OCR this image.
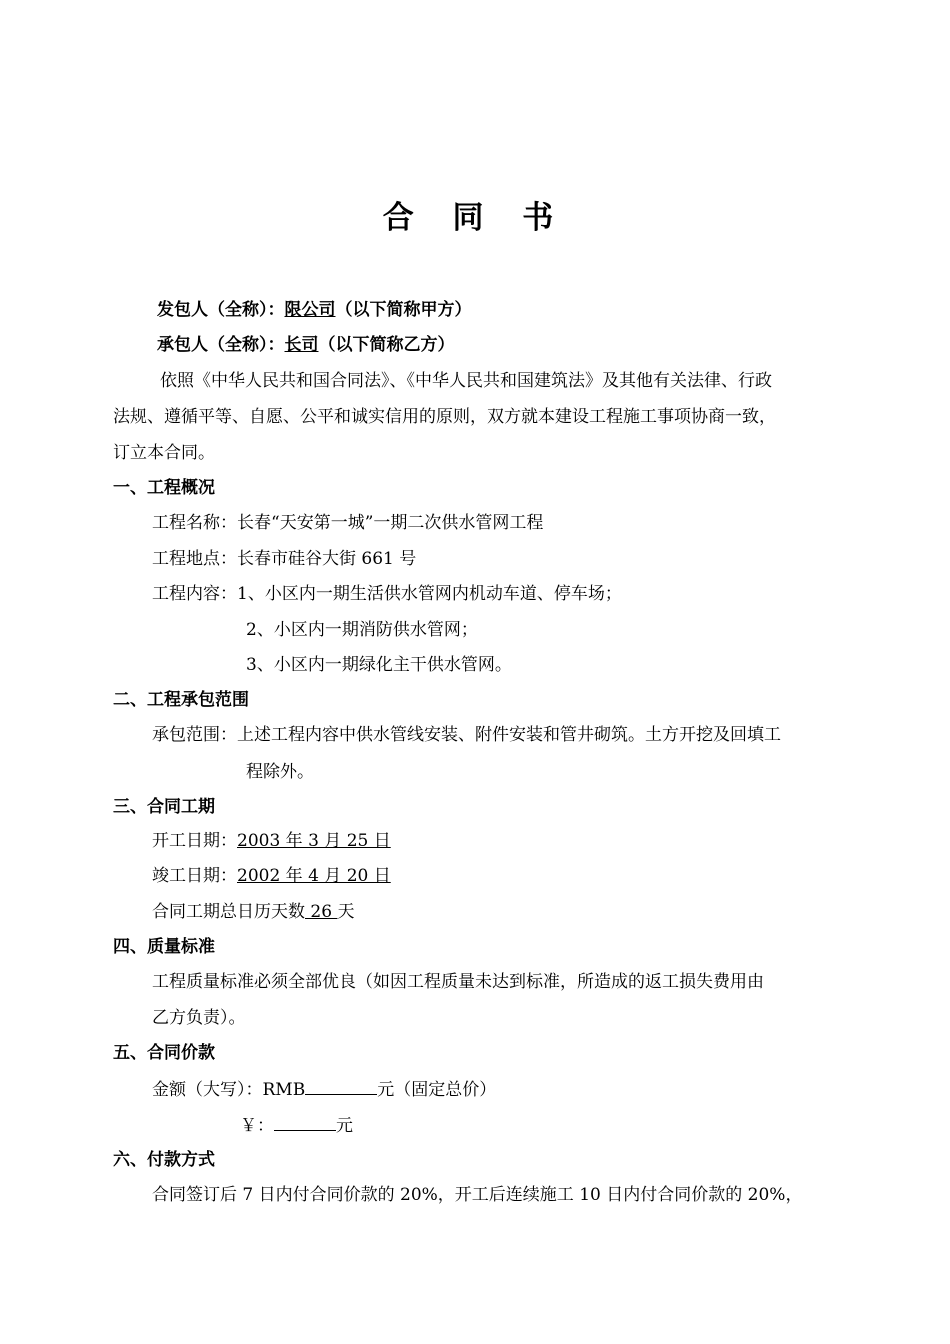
合 同 书
发包人（全称）：限公司（以下简称甲方）
承包人（全称）：长司（以下简称乙方）
依照《中华人民共和国合同法》、《中华人民共和国建筑法》及其他有关法律、行政
法规、遵循平等、自愿、公平和诚实信用的原则，双方就本建设工程施工事项协商一致，
订立本合同。
一、工程概况
工程名称：长春“天安第一城”一期二次供水管网工程
工程地点：长春市硅谷大街 661 号
工程内容：1、小区内一期生活供水管网内机动车道、停车场；
2、小区内一期消防供水管网；
3、小区内一期绿化主干供水管网。
二、工程承包范围
承包范围：上述工程内容中供水管线安装、附件安装和管井砌筑。土方开挖及回填工
程除外。
三、合同工期
开工日期：2003 年 3 月 25 日
竣工日期：2002 年 4 月 20 日
合同工期总日历天数 26 天
四、质量标准
工程质量标准必须全部优良（如因工程质量未达到标准，所造成的返工损失费用由
乙方负责）。
五、合同价款
金额（大写）：RMB	元（固定总价）
￥：	元
六、付款方式
合同签订后 7 日内付合同价款的 20%，开工后连续施工 10 日内付合同价款的 20%，
